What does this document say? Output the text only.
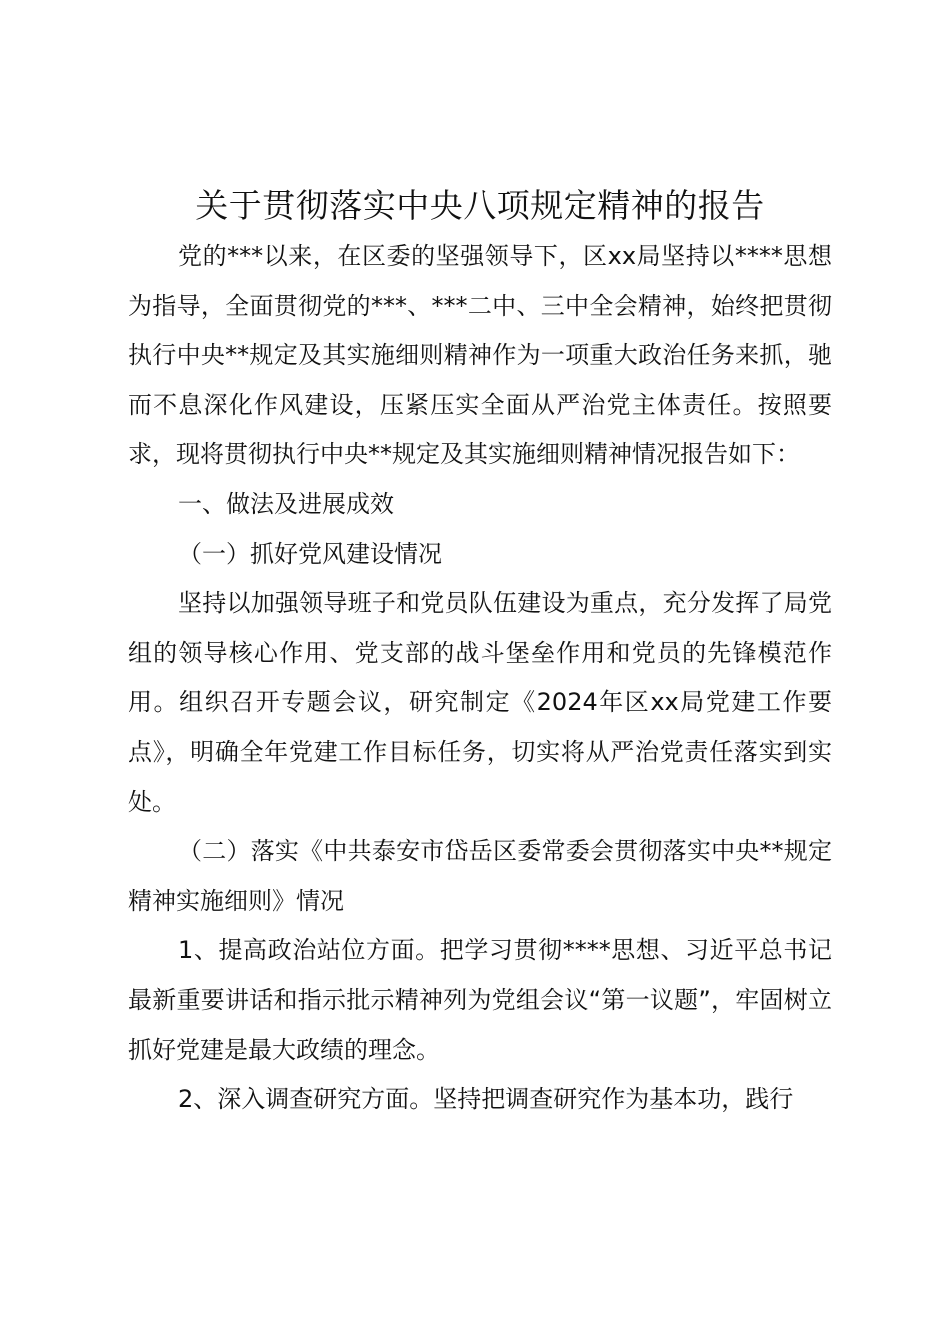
关于贯彻落实中央八项规定精神的报告

党的***以来，在区委的坚强领导下，区xx局坚持以****思想为指导，全面贯彻党的***、***二中、三中全会精神，始终把贯彻执行中央**规定及其实施细则精神作为一项重大政治任务来抓，驰而不息深化作风建设，压紧压实全面从严治党主体责任。按照要求，现将贯彻执行中央**规定及其实施细则精神情况报告如下：

一、做法及进展成效

（一）抓好党风建设情况

坚持以加强领导班子和党员队伍建设为重点，充分发挥了局党组的领导核心作用、党支部的战斗堡垒作用和党员的先锋模范作用。组织召开专题会议，研究制定《2024年区xx局党建工作要点》，明确全年党建工作目标任务，切实将从严治党责任落实到实处。

（二）落实《中共泰安市岱岳区委常委会贯彻落实中央**规定精神实施细则》情况

1、提高政治站位方面。把学习贯彻****思想、习近平总书记最新重要讲话和指示批示精神列为党组会议“第一议题”，牢固树立抓好党建是最大政绩的理念。

2、深入调查研究方面。坚持把调查研究作为基本功，践行
